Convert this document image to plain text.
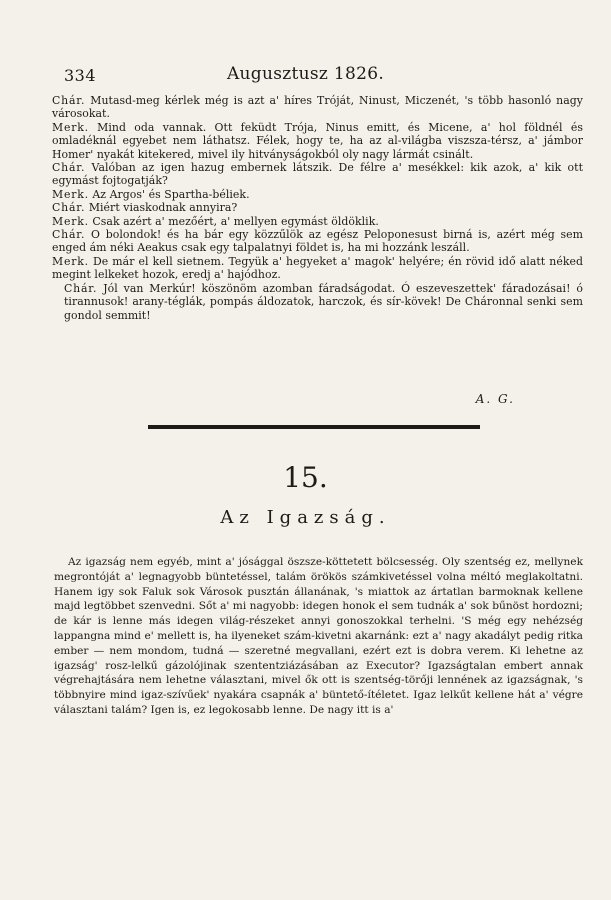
334	Augusztusz 1826.

Chár. Mutasd-meg kérlek még is azt a' híres Tróját, Ninust, Miczenét, 's több hasonló nagy városokat.

Merk. Mind oda vannak. Ott feküdt Trója, Ninus emitt, és Micene, a' hol földnél és omladéknál egyebet nem láthatsz. Félek, hogy te, ha az al-világba viszsza-térsz, a' jámbor Homer' nyakát kitekered, mivel ily hitványságokból oly nagy lármát csinált.

Chár. Valóban az igen hazug embernek látszik. De félre a' mesékkel: kik azok, a' kik ott egymást fojtogatják?

Merk. Az Argos' és Spartha-béliek.

Chár. Miért viaskodnak annyira?

Merk. Csak azért a' mezőért, a' mellyen egymást öldöklik.

Chár. O bolondok! és ha bár egy közzűlök az egész Peloponesust birná is, azért még sem enged ám néki Aeakus csak egy talpalatnyi földet is, ha mi hozzánk leszáll.

Merk. De már el kell sietnem. Tegyük a' hegyeket a' magok' helyére; én rövid idő alatt néked megint lelkeket hozok, eredj a' hajódhoz.

Chár. Jól van Merkúr! köszönöm azomban fáradságodat. Ó eszeveszettek' fáradozásai! ó tirannusok! arany-téglák, pompás áldozatok, harczok, és sír-kövek! De Cháronnal senki sem gondol semmit!

A. G.
15.
Az Igazság.

Az igazság nem egyéb, mint a' jósággal öszsze-köttetett bölcsesség. Oly szentség ez, mellynek megrontóját a' legnagyobb büntetéssel, talám örökös számkivetéssel volna méltó meglakoltatni. Hanem igy sok Faluk sok Városok pusztán állanának, 's miattok az ártatlan barmoknak kellene majd legtöbbet szenvedni. Sőt a' mi nagyobb: idegen honok el sem tudnák a' sok bűnöst hordozni; de kár is lenne más idegen világ-részeket annyi gonoszokkal terhelni. 'S még egy nehézség lappangna mind e' mellett is, ha ilyeneket szám-kivetni akarnánk: ezt a' nagy akadályt pedig ritka ember — nem mondom, tudná — szeretné megvallani, ezért ezt is dobra verem. Ki lehetne az igazság' rosz-lelkű gázolójinak szententziázásában az Executor? Igazságtalan embert annak végrehajtására nem lehetne választani, mivel ők ott is szentség-törőji lennének az igazságnak, 's többnyire mind igaz-szívűek' nyakára csapnák a' büntető-ítéletet. Igaz lelkűt kellene hát a' végre választani talám? Igen is, ez legokosabb lenne. De nagy itt is a'
